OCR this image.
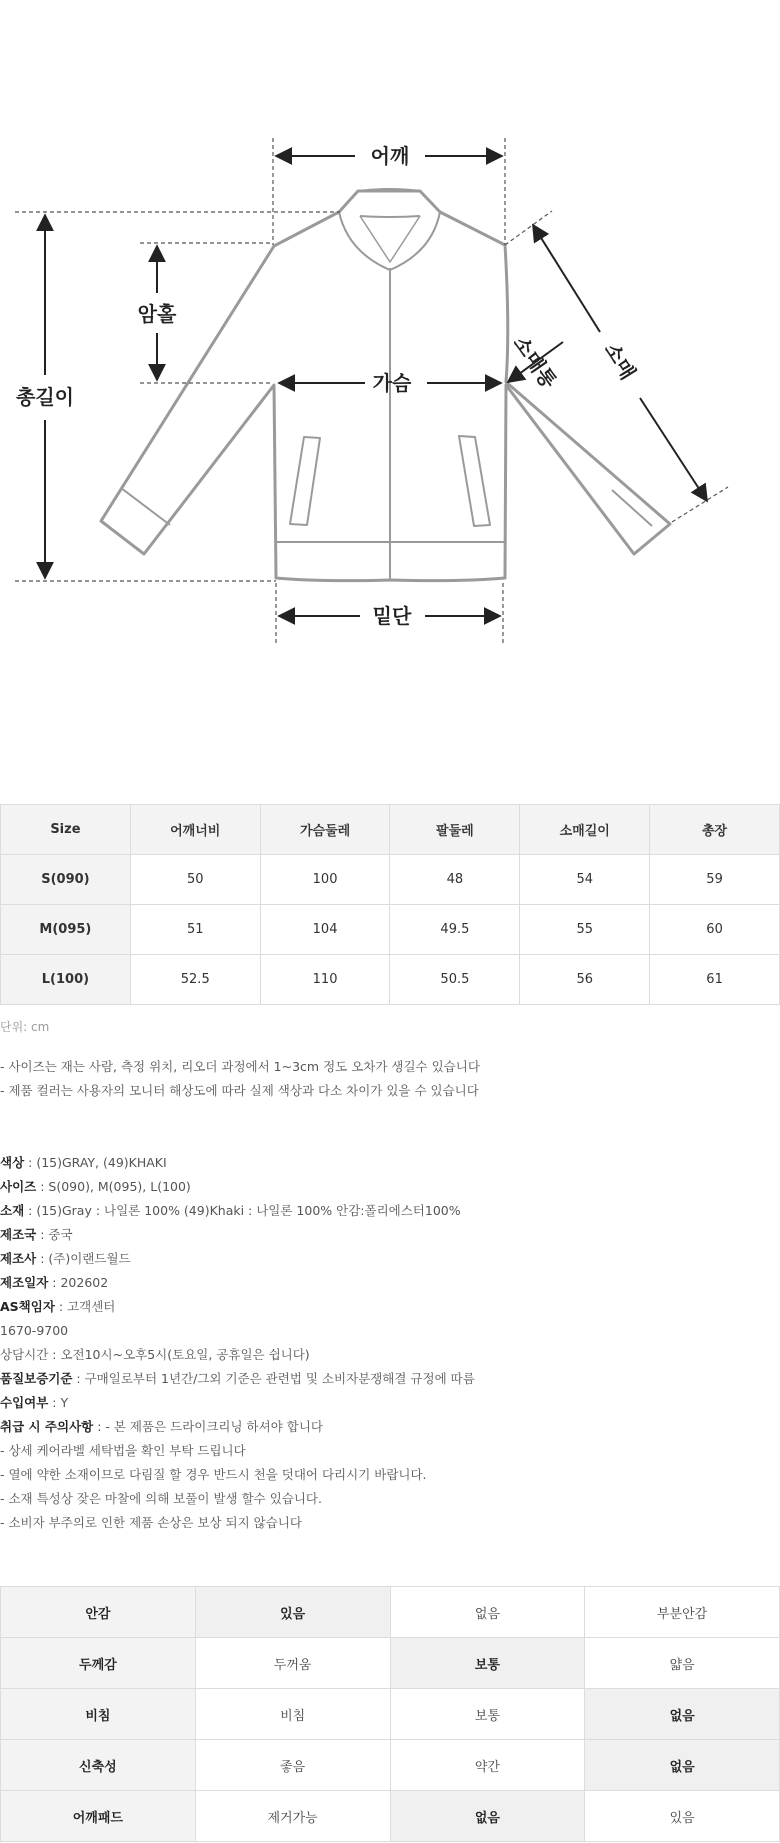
어깨
총길이
암홀
가슴	소매통 소매
밑단
Size	어깨너비	가슴둘레	팔둘레	소매길이	총장
S(090)	50	100	48	54	59
M(095)	51	104	49.5	55	60
L(100)	52.5	110	50.5	56	61
단위: cm
- 사이즈는 재는 사람, 측정 위치, 리오더 과정에서 1~3cm 정도 오차가 생길수 있습니다
- 제품 컬러는 사용자의 모니터 해상도에 따라 실제 색상과 다소 차이가 있을 수 있습니다
색상 : (15)GRAY, (49)KHAKI
사이즈 : S(090), M(095), L(100)
소재 : (15)Gray : 나일론 100% (49)Khaki : 나일론 100% 안감:폴리에스터100%
제조국 : 중국
제조사 : (주)이랜드월드
제조일자 : 202602
AS책임자 : 고객센터
1670-9700
상담시간 : 오전10시~오후5시(토요일, 공휴일은 쉽니다)
품질보증기준 : 구매일로부터 1년간/그외 기준은 관련법 및 소비자분쟁해결 규정에 따름
수입여부 : Y
취급 시 주의사항 : - 본 제품은 드라이크리닝 하셔야 합니다
- 상세 케어라벨 세탁법을 확인 부탁 드립니다
- 열에 약한 소재이므로 다림질 할 경우 반드시 천을 덧대어 다리시기 바랍니다.
- 소재 특성상 잦은 마찰에 의해 보풀이 발생 할수 있습니다.
- 소비자 부주의로 인한 제품 손상은 보상 되지 않습니다
안감	있음	없음	부분안감
두께감	두꺼움	보통	얇음
비침	비침	보통	없음
신축성	좋음	약간	없음
어깨패드	제거가능	없음	있음
